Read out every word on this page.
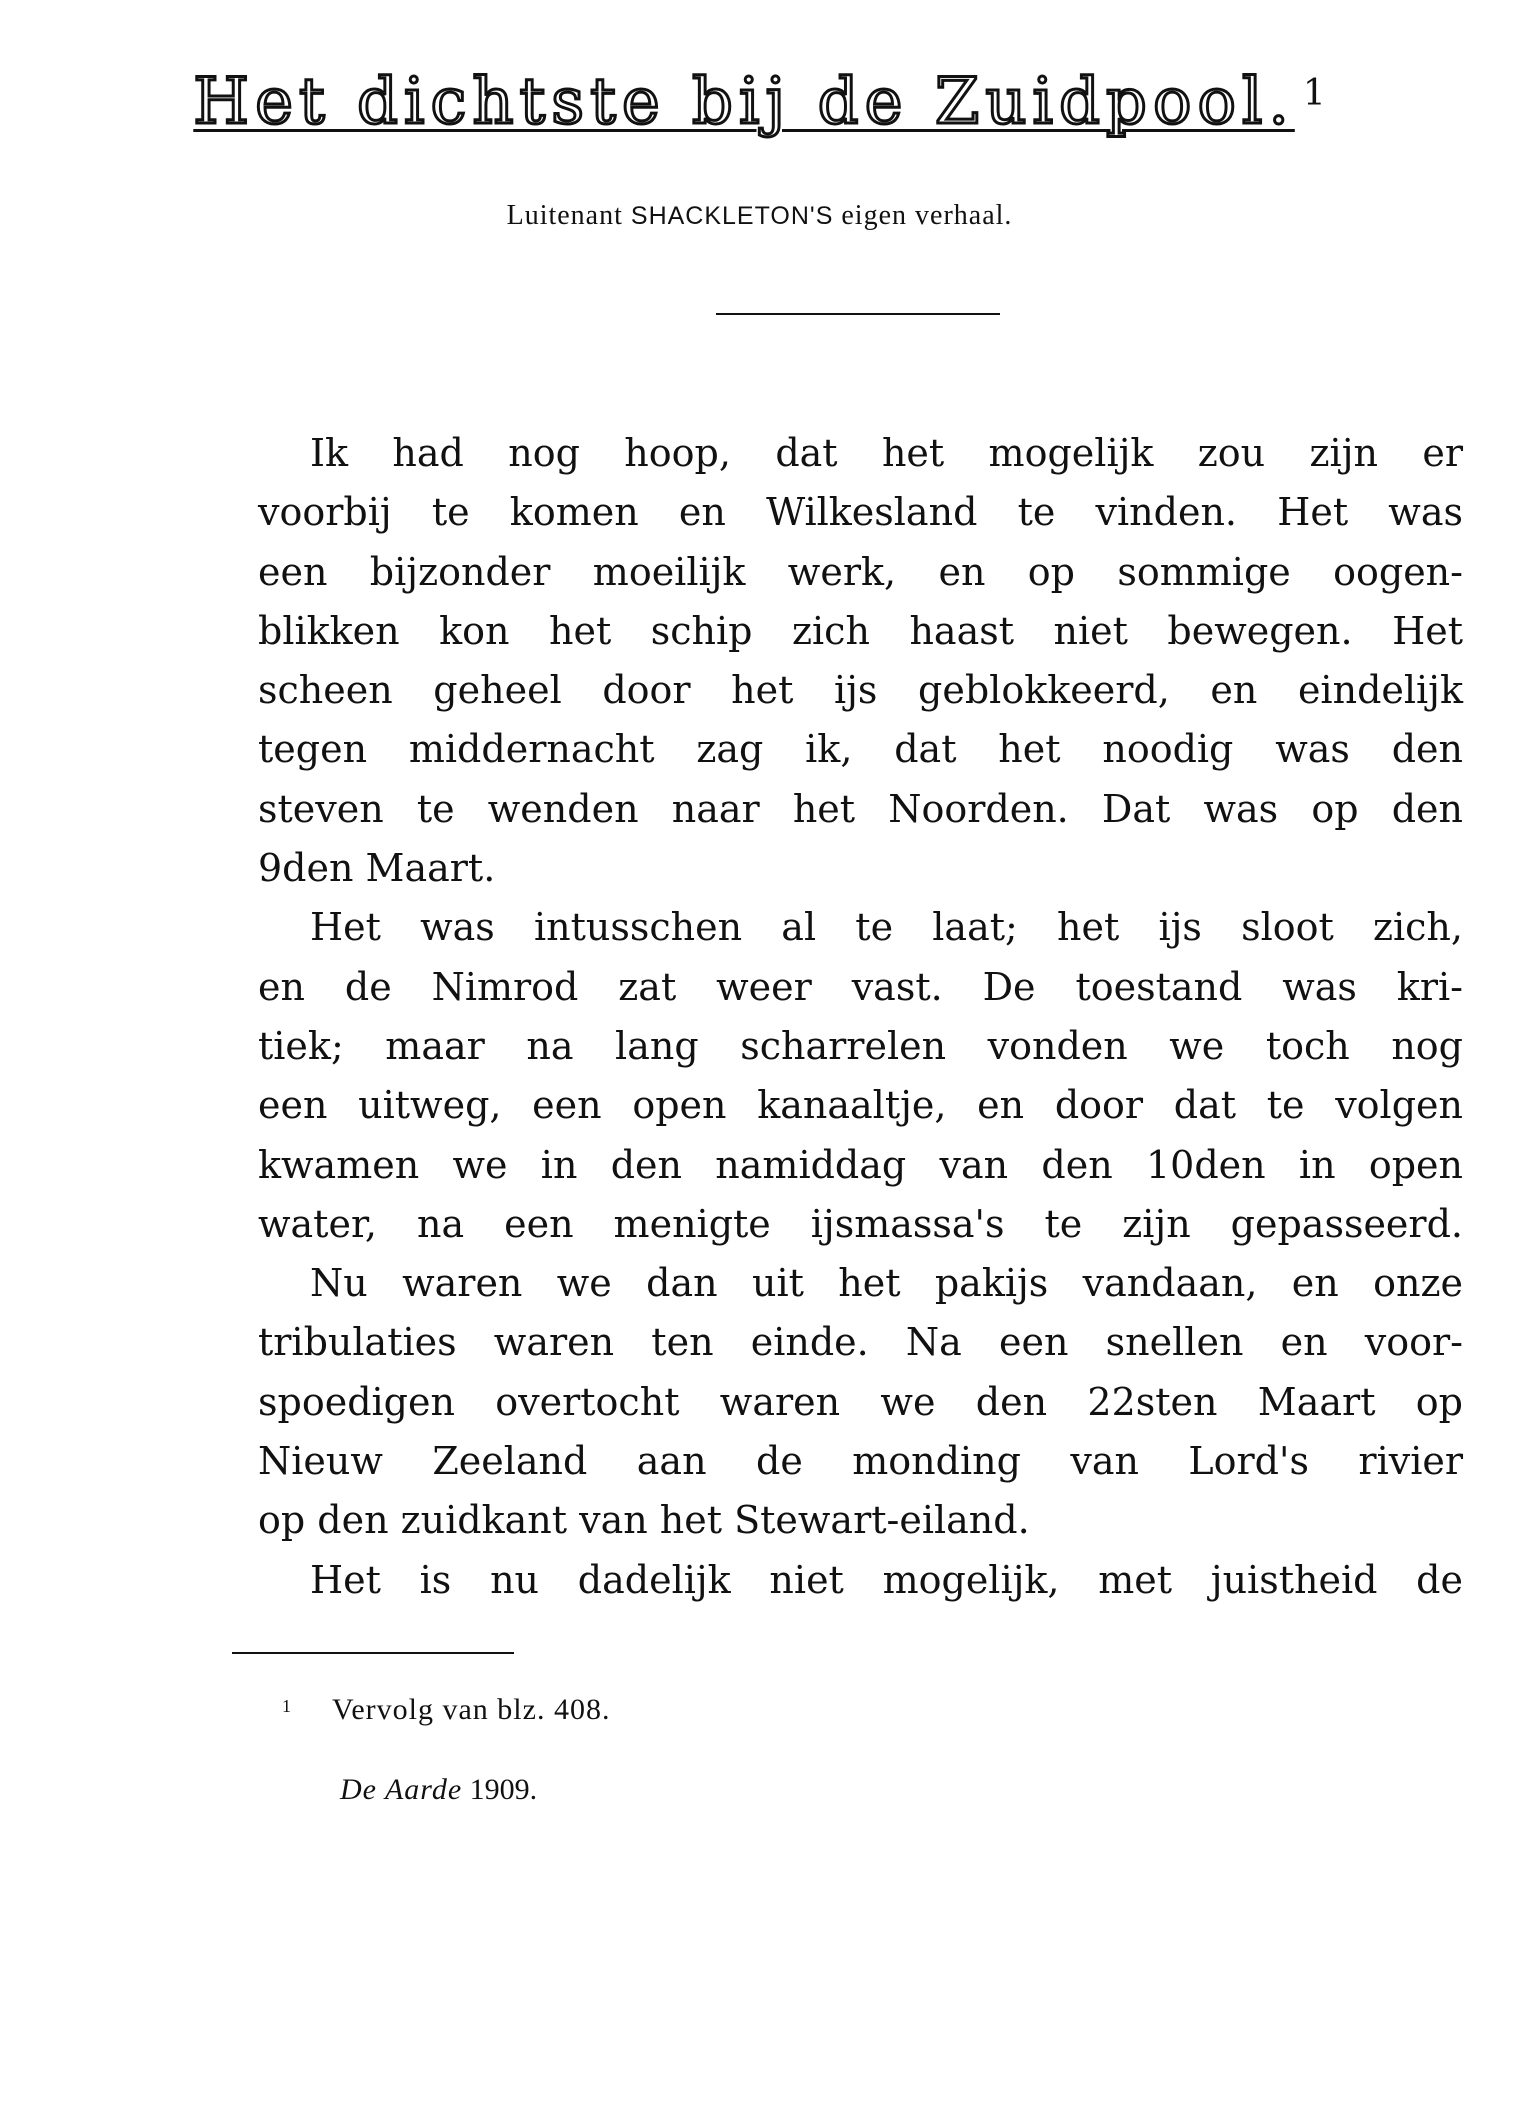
Het dichtste bij de Zuidpool. $^1$

Luitenant SHACKLETON'S eigen verhaal.

Ik had nog hoop, dat het mogelijk zou zijn er
voorbij te komen en Wilkesland te vinden. Het was
een bijzonder moeilijk werk, en op sommige oogen-
blikken kon het schip zich haast niet bewegen. Het
scheen geheel door het ijs geblokkeerd, en eindelijk
tegen middernacht zag ik, dat het noodig was den
steven te wenden naar het Noorden. Dat was op den
9den Maart.

Het was intusschen al te laat; het ijs sloot zich,
en de Nimrod zat weer vast. De toestand was kri-
tiek; maar na lang scharrelen vonden we toch nog
een uitweg, een open kanaaltje, en door dat te volgen
kwamen we in den namiddag van den 10den in open
water, na een menigte ijsmassa's te zijn gepasseerd.

Nu waren we dan uit het pakijs vandaan, en onze
tribulaties waren ten einde. Na een snellen en voor-
spoedigen overtocht waren we den 22sten Maart op
Nieuw Zeeland aan de monding van Lord's rivier
op den zuidkant van het Stewart-eiland.

Het is nu dadelijk niet mogelijk, met juistheid de

1 Vervolg van blz. 408.

De Aarde 1909.
